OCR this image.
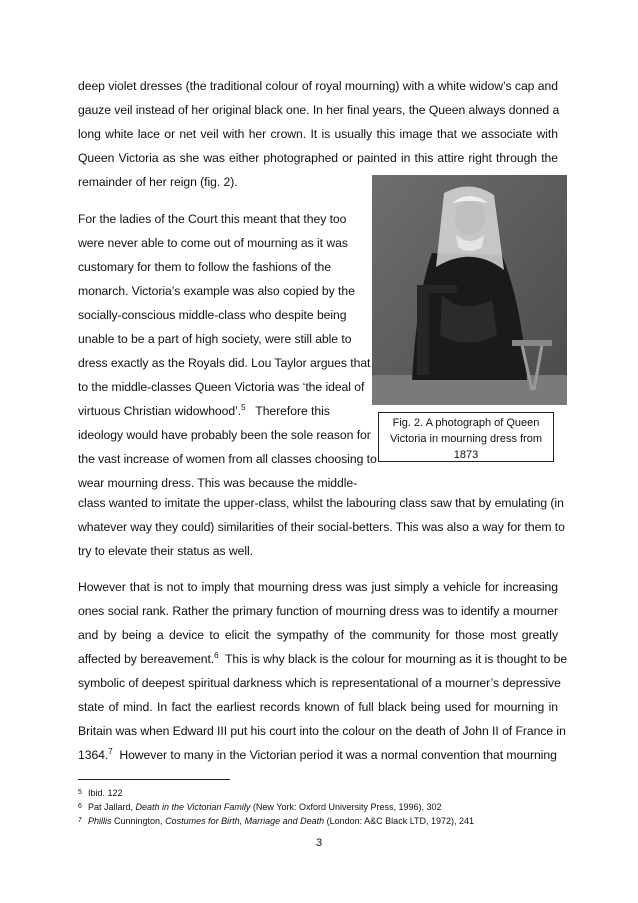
deep violet dresses (the traditional colour of royal mourning) with a white widow’s cap and
gauze veil instead of her original black one. In her final years, the Queen always donned a
long white lace or net veil with her crown. It is usually this image that we associate with
Queen Victoria as she was either photographed or painted in this attire right through the
remainder of her reign (fig. 2).
For the ladies of the Court this meant that they too
were never able to come out of mourning as it was
customary for them to follow the fashions of the
monarch. Victoria’s example was also copied by the
socially-conscious middle-class who despite being
unable to be a part of high society, were still able to
dress exactly as the Royals did. Lou Taylor argues that
to the middle-classes Queen Victoria was ‘the ideal of
virtuous Christian widowhood’.$^5$   Therefore this
ideology would have probably been the sole reason for
the vast increase of women from all classes choosing to
wear mourning dress. This was because the middle-
Fig. 2. A photograph of Queen Victoria in mourning dress from 1873
class wanted to imitate the upper-class, whilst the labouring class saw that by emulating (in
whatever way they could) similarities of their social-betters. This was also a way for them to
try to elevate their status as well.
However that is not to imply that mourning dress was just simply a vehicle for increasing
ones social rank. Rather the primary function of mourning dress was to identify a mourner
and by being a device to elicit the sympathy of the community for those most greatly
affected by bereavement.$^6$  This is why black is the colour for mourning as it is thought to be
symbolic of deepest spiritual darkness which is representational of a mourner’s depressive
state of mind. In fact the earliest records known of full black being used for mourning in
Britain was when Edward III put his court into the colour on the death of John II of France in
1364.$^7$  However to many in the Victorian period it was a normal convention that mourning
5 Ibid. 122
6 Pat Jallard, Death in the Victorian Family (New York: Oxford University Press, 1996), 302
7 Phillis Cunnington, Costumes for Birth, Marriage and Death (London: A&C Black LTD, 1972), 241
3
